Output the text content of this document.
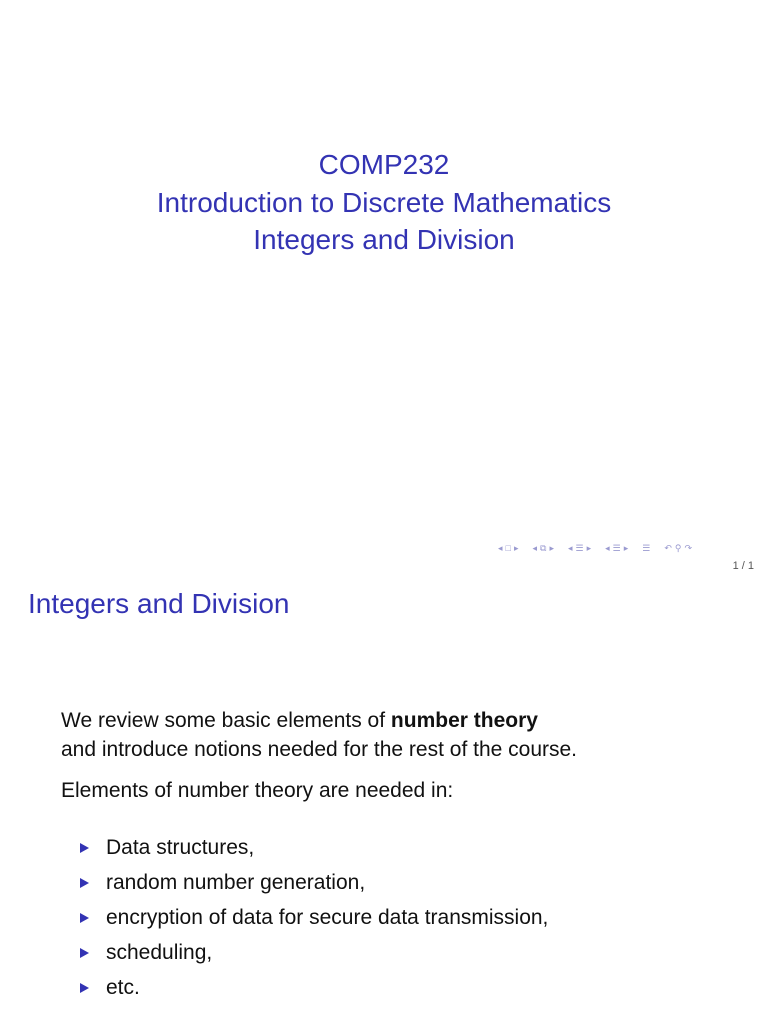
COMP232
Introduction to Discrete Mathematics
Integers and Division
◂ □ ▸ ◂ ⧉ ▸ ◂ ☰ ▸ ◂ ☰ ▸ ☰ ↶ ⚲ ↷
1 / 1
Integers and Division
We review some basic elements of number theory
and introduce notions needed for the rest of the course.
Elements of number theory are needed in:
Data structures,
random number generation,
encryption of data for secure data transmission,
scheduling,
etc.
